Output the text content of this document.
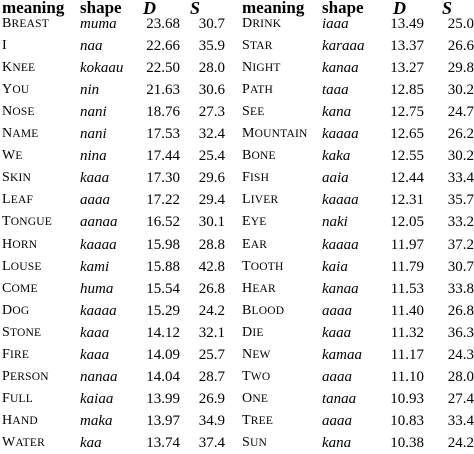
meaning shape D S meaning shape D S
BREAST muma	23.68	30.7 DRINK	iaaa	13.49	25.0
I	naa	22.66	35.9 STAR	karaaa	13.37	26.6
KNEE	kokaau	22.50	28.0 NIGHT	kanaa	13.27	29.8
YOU	nin	21.63	30.6 PATH	taaa	12.85	30.2
NOSE	nani	18.76	27.3 SEE	kana	12.75	24.7
NAME	nani	17.53	32.4 MOUNTAIN kaaaa	12.65	26.2
WE	nina	17.44	25.4 BONE	kaka	12.55	30.2
SKIN	kaaa	17.30	29.6 FISH	aaia	12.44	33.4
LEAF	aaaa	17.22	29.4 LIVER	kaaaa	12.31	35.7
TONGUE aanaa	16.52	30.1 EYE	naki	12.05	33.2
HORN	kaaaa	15.98	28.8 EAR	kaaaa	11.97	37.2
LOUSE	kami	15.88	42.8 TOOTH	kaia	11.79	30.7
COME	huma	15.54	26.8 HEAR	kanaa	11.53	33.8
DOG	kaaaa	15.29	24.2 BLOOD	aaaa	11.40	26.8
STONE	kaaa	14.12	32.1 DIE	kaaa	11.32	36.3
FIRE	kaaa	14.09	25.7 NEW	kamaa	11.17	24.3
PERSON nanaa	14.04	28.7 TWO	aaaa	11.10	28.0
FULL	kaiaa	13.99	26.9 ONE	tanaa	10.93	27.4
HAND	maka	13.97	34.9 TREE	aaaa	10.83	33.4
WATER kaa	13.74	37.4 SUN	kana	10.38	24.2
